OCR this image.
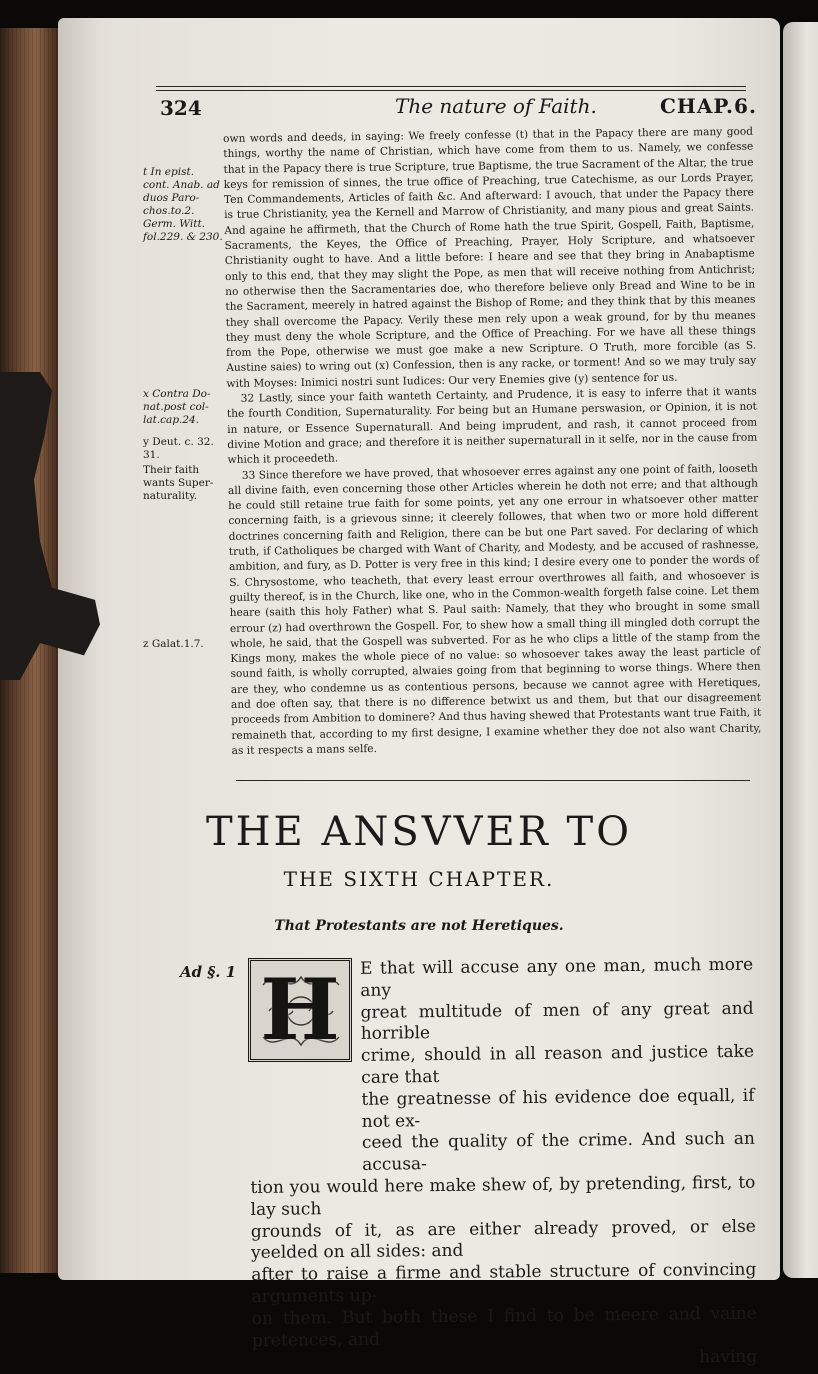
324	The nature of Faith.	CHAP.6.
t In epist. cont. Anab. ad duos Paro- chos.to.2. Germ. Witt. fol.229. & 230.
x Contra Do- nat.post col- lat.cap.24.
y Deut. c. 32. 31.
Their faith wants Super- naturality.
z Galat.1.7.

own words and deeds, in saying: We freely confesse (t) that in the Papacy there are many good things, worthy the name of Christian, which have come from them to us. Namely, we confesse that in the Papacy there is true Scripture, true Baptisme, the true Sacrament of the Altar, the true keys for remission of sinnes, the true office of Preaching, true Catechisme, as our Lords Prayer, Ten Commandements, Articles of faith &c. And afterward: I avouch, that under the Papacy there is true Christianity, yea the Kernell and Marrow of Christianity, and many pious and great Saints. And againe he affirmeth, that the Church of Rome hath the true Spirit, Gospell, Faith, Baptisme, Sacraments, the Keyes, the Office of Preaching, Prayer, Holy Scripture, and whatsoever Christianity ought to have. And a little before: I heare and see that they bring in Anabaptisme only to this end, that they may slight the Pope, as men that will receive nothing from Antichrist; no otherwise then the Sacramentaries doe, who therefore believe only Bread and Wine to be in the Sacrament, meerely in hatred against the Bishop of Rome; and they think that by this meanes they shall overcome the Papacy. Verily these men rely upon a weak ground, for by thu meanes they must deny the whole Scripture, and the Office of Preaching. For we have all these things from the Pope, otherwise we must goe make a new Scripture. O Truth, more forcible (as S. Austine saies) to wring out (x) Confession, then is any racke, or torment! And so we may truly say with Moyses: Inimici nostri sunt Iudices: Our very Enemies give (y) sentence for us.

32 Lastly, since your faith wanteth Certainty, and Prudence, it is easy to inferre that it wants the fourth Condition, Supernaturality. For being but an Humane perswasion, or Opinion, it is not in nature, or Essence Supernaturall. And being imprudent, and rash, it cannot proceed from divine Motion and grace; and therefore it is neither supernaturall in it selfe, nor in the cause from which it proceedeth.

33 Since therefore we have proved, that whosoever erres against any one point of faith, looseth all divine faith, even concerning those other Articles wherein he doth not erre; and that although he could still retaine true faith for some points, yet any one errour in whatsoever other matter concerning faith, is a grievous sinne; it cleerely followes, that when two or more hold different doctrines concerning faith and Religion, there can be but one Part saved. For declaring of which truth, if Catholiques be charged with Want of Charity, and Modesty, and be accused of rashnesse, ambition, and fury, as D. Potter is very free in this kind; I desire every one to ponder the words of S. Chrysostome, who teacheth, that every least errour overthrowes all faith, and whosoever is guilty thereof, is in the Church, like one, who in the Common-wealth forgeth false coine. Let them heare (saith this holy Father) what S. Paul saith: Namely, that they who brought in some small errour (z) had overthrown the Gospell. For, to shew how a small thing ill mingled doth corrupt the whole, he said, that the Gospell was subverted. For as he who clips a little of the stamp from the Kings mony, makes the whole piece of no value: so whosoever takes away the least particle of sound faith, is wholly corrupted, alwaies going from that beginning to worse things. Where then are they, who condemne us as contentious persons, because we cannot agree with Heretiques, and doe often say, that there is no difference betwixt us and them, but that our disagreement proceeds from Ambition to dominere? And thus having shewed that Protestants want true Faith, it remaineth that, according to my first designe, I examine whether they doe not also want Charity, as it respects a mans selfe.

THE ANSVVER TO
THE SIXTH CHAPTER.
That Protestants are not Heretiques.
Ad §. 1	E that will accuse any one man, much more any
great multitude of men of any great and horrible
crime, should in all reason and justice take care that
the greatnesse of his evidence doe equall, if not ex-
ceed the quality of the crime. And such an accusa-
tion you would here make shew of, by pretending, first, to lay such
grounds of it, as are either already proved, or else yeelded on all sides: and
after to raise a firme and stable structure of convincing arguments up-
on them. But both these I find to be meere and vaine pretences, and
having
H
